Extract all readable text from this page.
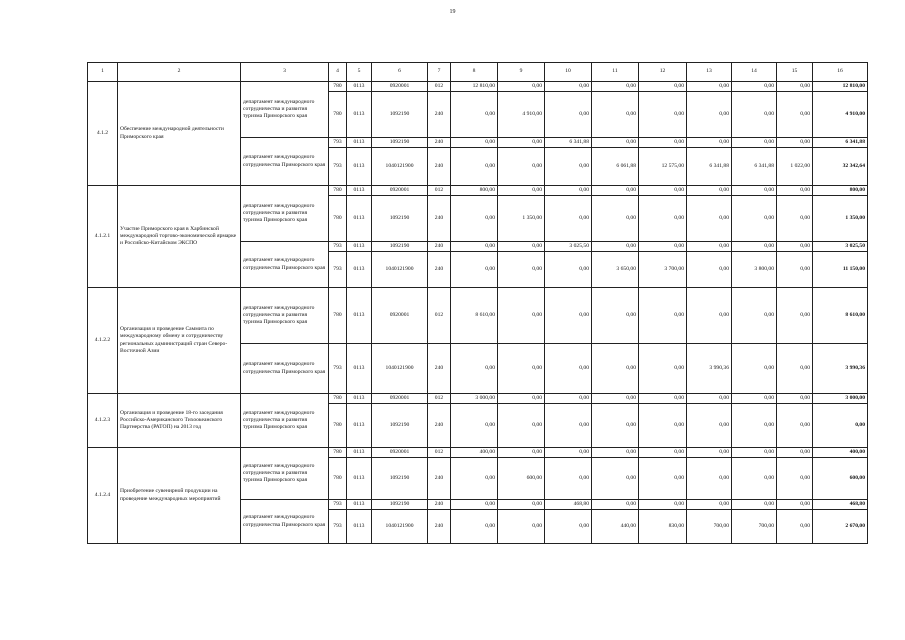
19
1	2	3	4	5	6	7	8	9	10	11	12	13	14	15	16
4.1.2	Обеспечение международной деятельности Приморского края	департамент международного сотрудничества и развития туризма Приморского края	780	0113	0920001	012	12 810,00	0,00	0,00	0,00	0,00	0,00	0,00	0,00	12 810,00
			780	0113	1092190	240	0,00	4 910,00	0,00	0,00	0,00	0,00	0,00	0,00	4 910,00
		департамент международного сотрудничества Приморского края	793	0113	1092190	240	0,00	0,00	6 341,88	0,00	0,00	0,00	0,00	0,00	6 341,88
			793	0113	1040121900	240	0,00	0,00	0,00	6 061,88	12 575,00	6 341,88	6 341,88	1 022,00	32 342,64
4.1.2.1	Участие Приморского края в Харбинской международной торгово-экономической ярмарке и Российско-Китайском ЭКСПО	департамент международного сотрудничества и развития туризма Приморского края	780	0113	0920001	012	800,00	0,00	0,00	0,00	0,00	0,00	0,00	0,00	800,00
			780	0113	1092190	240	0,00	1 350,00	0,00	0,00	0,00	0,00	0,00	0,00	1 350,00
		департамент международного сотрудничества Приморского края	793	0113	1092190	240	0,00	0,00	3 025,50	0,00	0,00	0,00	0,00	0,00	3 025,50
			793	0113	1040121900	240	0,00	0,00	0,00	3 650,00	3 700,00	0,00	3 800,00	0,00	11 150,00
4.1.2.2	Организация и проведение Саммита по международному обмену и сотрудничеству региональных администраций стран Северо-Восточной Азии	департамент международного сотрудничества и развития туризма Приморского края	780	0113	0920001	012	8 610,00	0,00	0,00	0,00	0,00	0,00	0,00	0,00	8 610,00
		департамент международного сотрудничества Приморского края	793	0113	1040121900	240	0,00	0,00	0,00	0,00	0,00	3 990,36	0,00	0,00	3 990,36
4.1.2.3	Организация и проведение 18-го заседания Российско-Американского Тихоокеанского Партнерства (РАТОП) на 2013 год	департамент международного сотрудничества и развития туризма Приморского края	780	0113	0920001	012	3 000,00	0,00	0,00	0,00	0,00	0,00	0,00	0,00	3 000,00
			780	0113	1092190	240	0,00	0,00	0,00	0,00	0,00	0,00	0,00	0,00	0,00
4.1.2.4	Приобретение сувенирной продукции на проведение международных мероприятий	департамент международного сотрудничества и развития туризма Приморского края	780	0113	0920001	012	400,00	0,00	0,00	0,00	0,00	0,00	0,00	0,00	400,00
			780	0113	1092190	240	0,00	600,00	0,00	0,00	0,00	0,00	0,00	0,00	600,00
		департамент международного сотрудничества Приморского края	793	0113	1092190	240	0,00	0,00	468,80	0,00	0,00	0,00	0,00	0,00	468,80
			793	0113	1040121900	240	0,00	0,00	0,00	440,00	830,00	700,00	700,00	0,00	2 670,00
